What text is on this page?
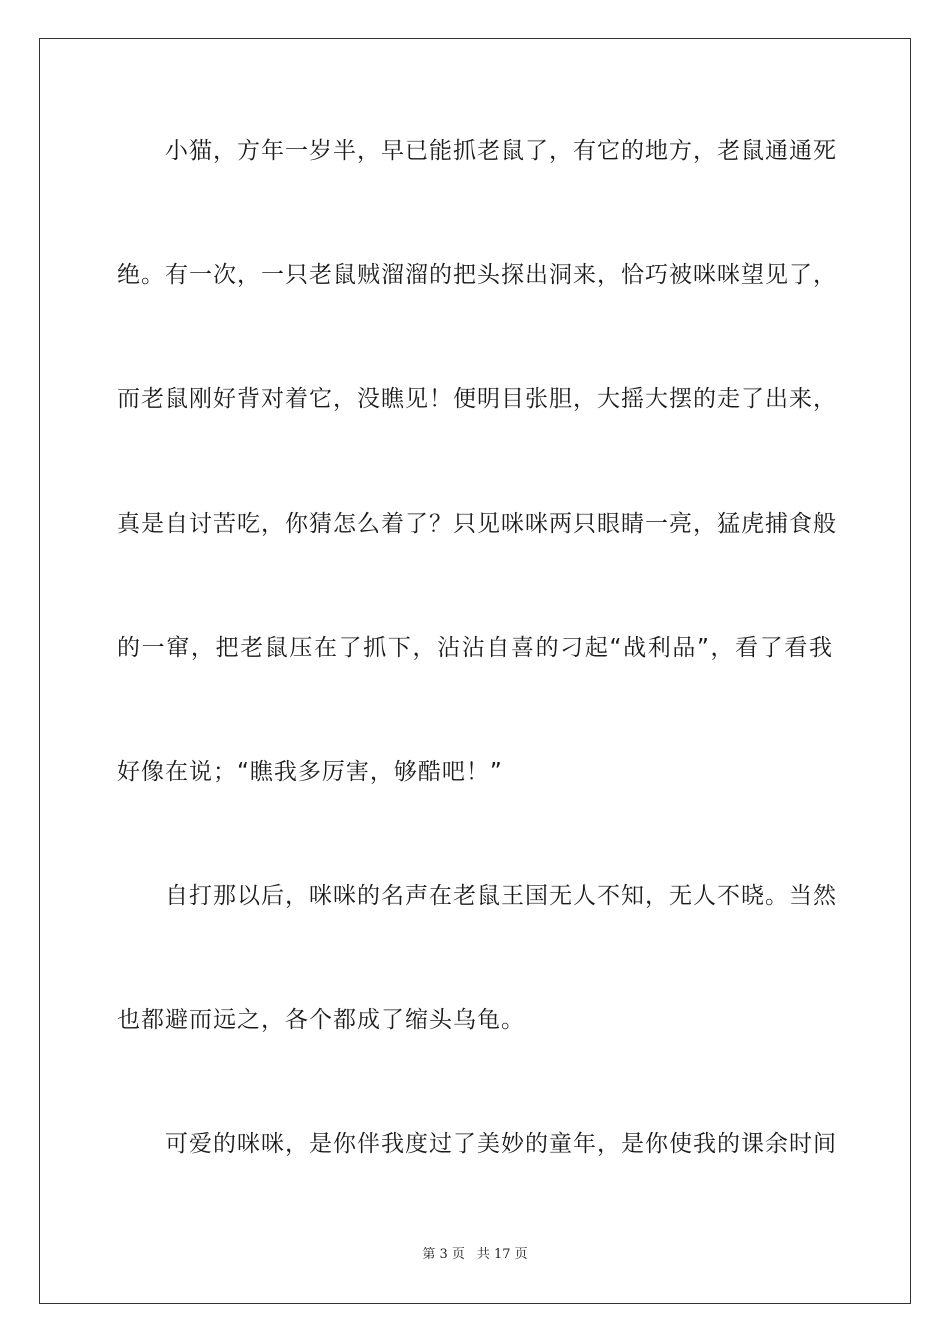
小猫，方年一岁半，早已能抓老鼠了，有它的地方，老鼠通通死
绝。有一次，一只老鼠贼溜溜的把头探出洞来，恰巧被咪咪望见了，
而老鼠刚好背对着它，没瞧见！便明目张胆，大摇大摆的走了出来，
真是自讨苦吃，你猜怎么着了？只见咪咪两只眼睛一亮，猛虎捕食般
的一窜，把老鼠压在了抓下，沾沾自喜的刁起“战利品”，看了看我
好像在说；“瞧我多厉害，够酷吧！”
自打那以后，咪咪的名声在老鼠王国无人不知，无人不晓。当然
也都避而远之，各个都成了缩头乌龟。
可爱的咪咪，是你伴我度过了美妙的童年，是你使我的课余时间
第 3 页 共 17 页
